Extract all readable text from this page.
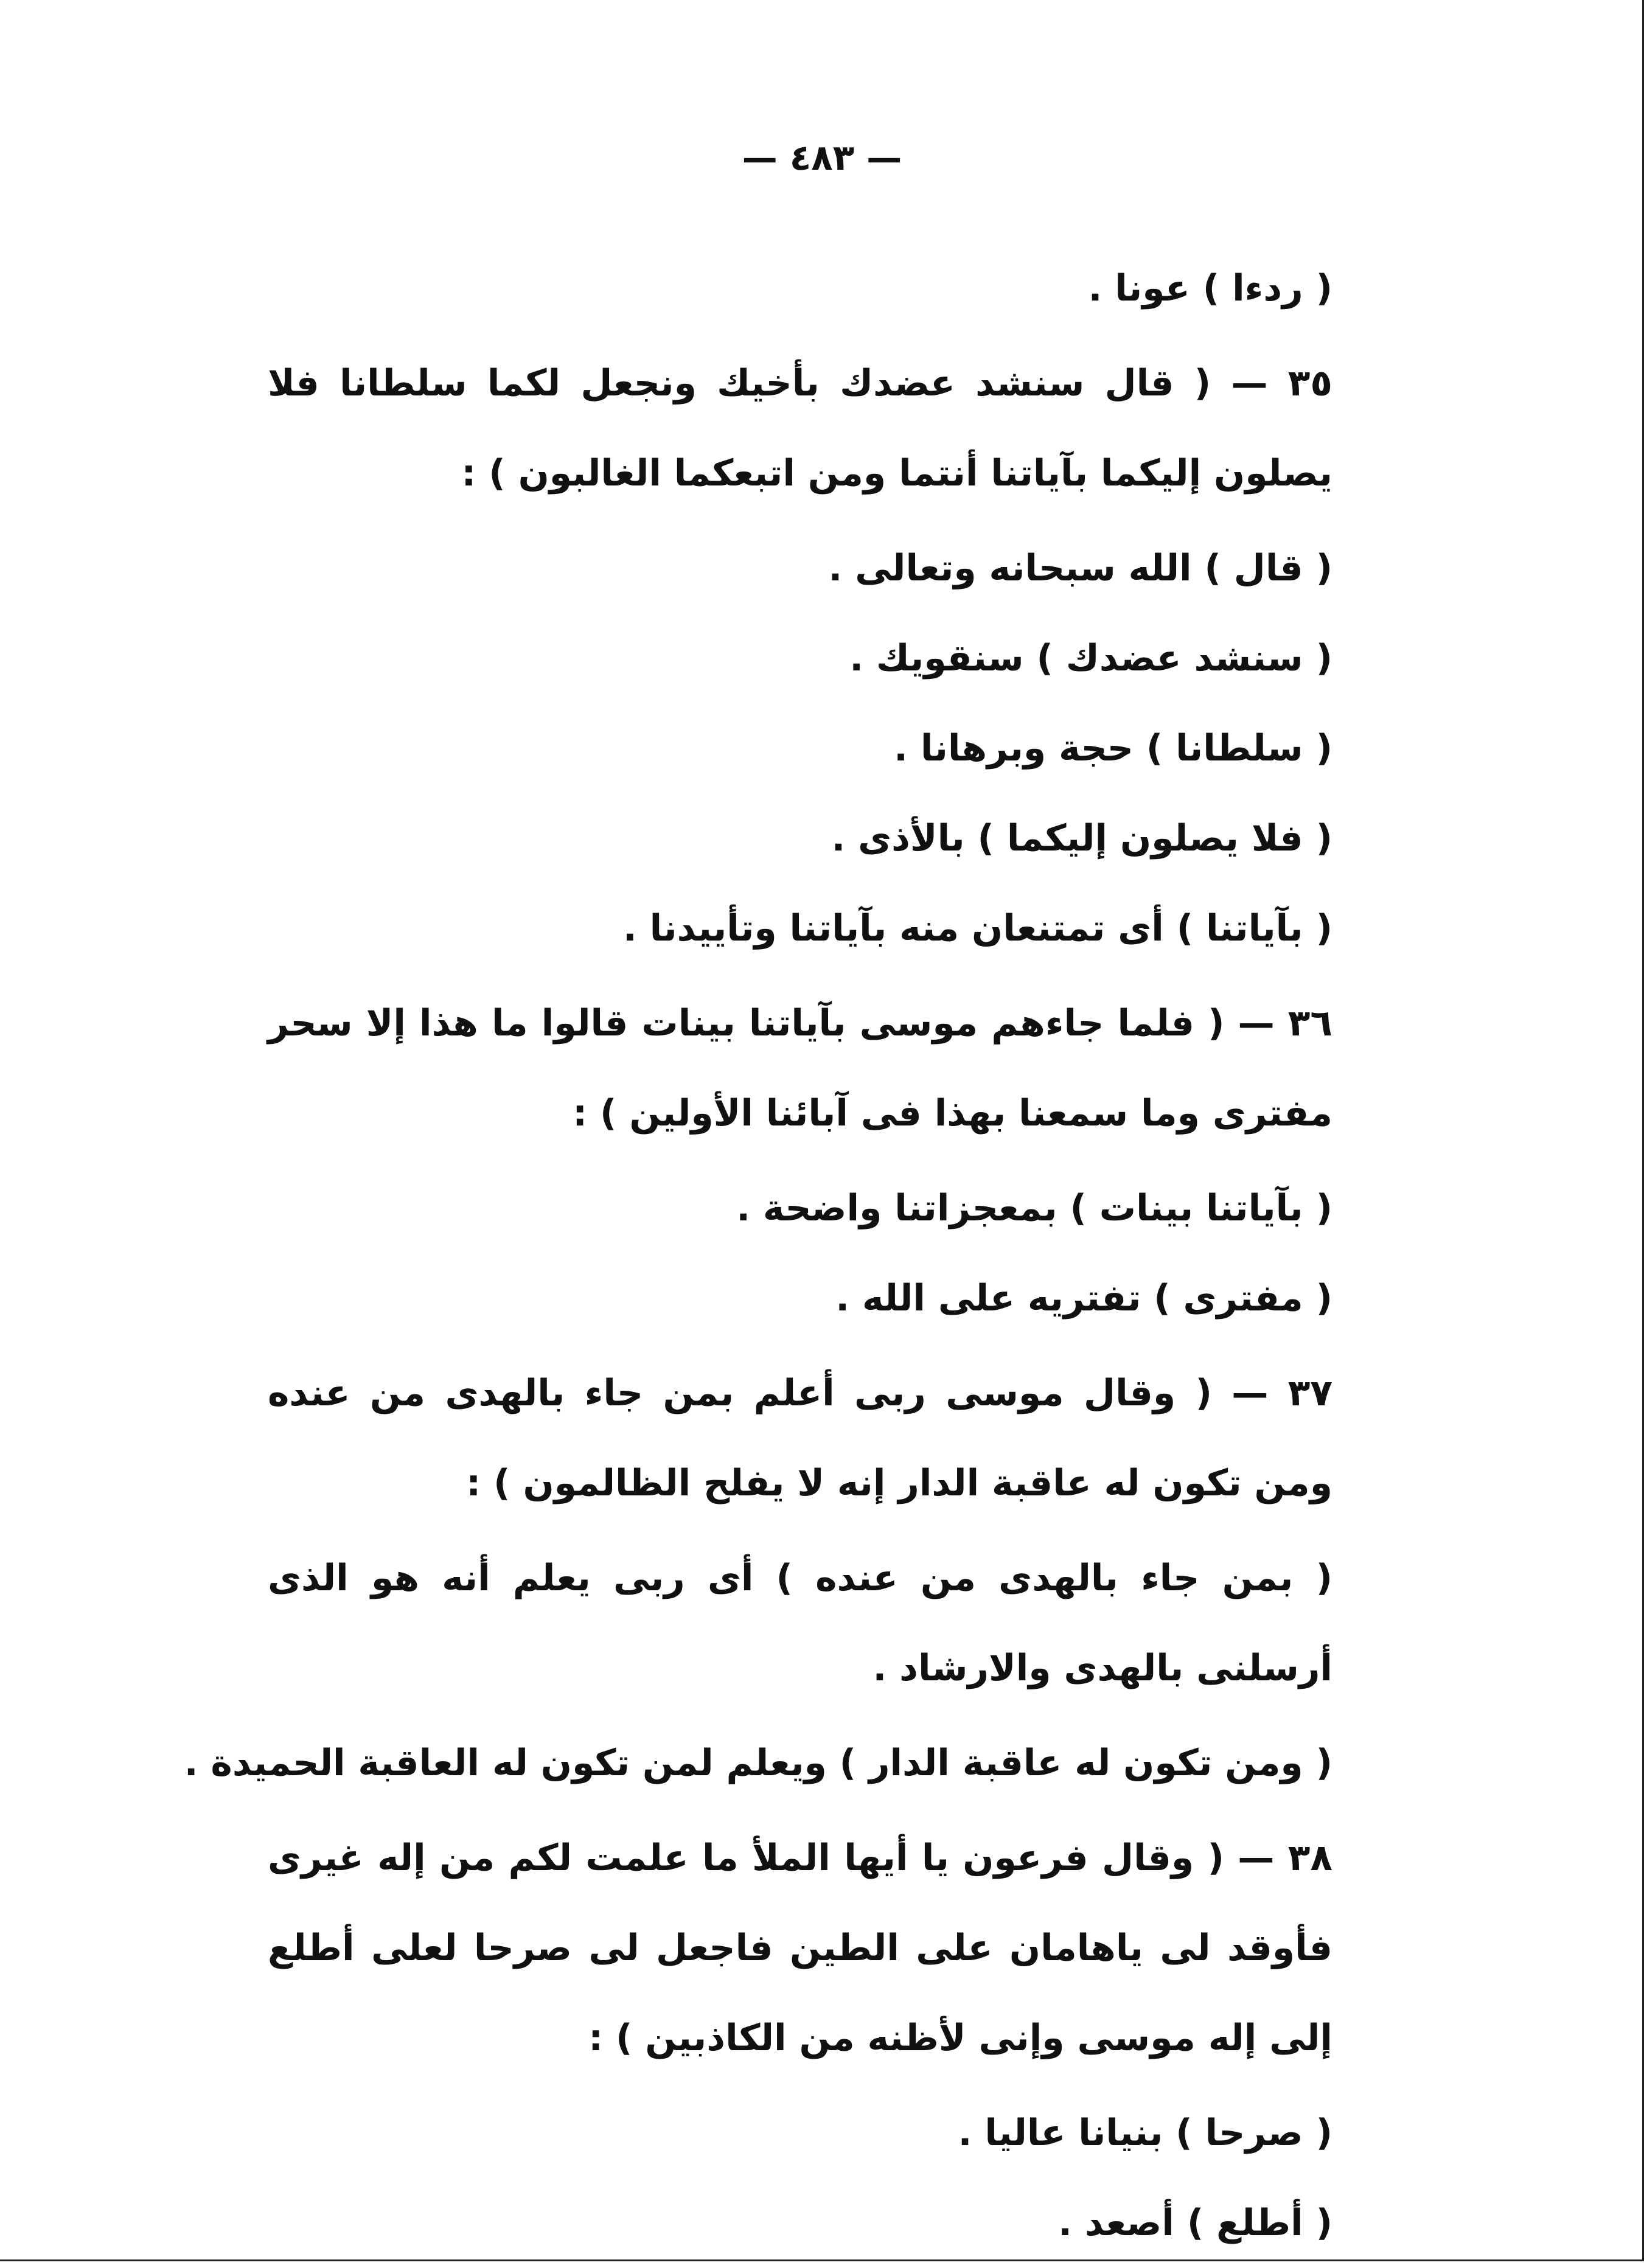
— ٤٨٣ —

( ردءا ) عونا .

٣٥ — ( قال سنشد عضدك بأخيك ونجعل لكما سلطانا فلا يصلون إليكما بآياتنا أنتما ومن اتبعكما الغالبون ) :

( قال ) الله سبحانه وتعالى .

( سنشد عضدك ) سنقويك .

( سلطانا ) حجة وبرهانا .

( فلا يصلون إليكما ) بالأذى .

( بآياتنا ) أى تمتنعان منه بآياتنا وتأييدنا .

٣٦ — ( فلما جاءهم موسى بآياتنا بينات قالوا ما هذا إلا سحر مفترى وما سمعنا بهذا فى آبائنا الأولين ) :

( بآياتنا بينات ) بمعجزاتنا واضحة .

( مفترى ) تفتريه على الله .

٣٧ — ( وقال موسى ربى أعلم بمن جاء بالهدى من عنده ومن تكون له عاقبة الدار إنه لا يفلح الظالمون ) :

( بمن جاء بالهدى من عنده ) أى ربى يعلم أنه هو الذى أرسلنى بالهدى والارشاد .

( ومن تكون له عاقبة الدار ) ويعلم لمن تكون له العاقبة الحميدة .

٣٨ — ( وقال فرعون يا أيها الملأ ما علمت لكم من إله غيرى فأوقد لى ياهامان على الطين فاجعل لى صرحا لعلى أطلع إلى إله موسى وإنى لأظنه من الكاذبين ) :

( صرحا ) بنيانا عاليا .

( أطلع ) أصعد .
